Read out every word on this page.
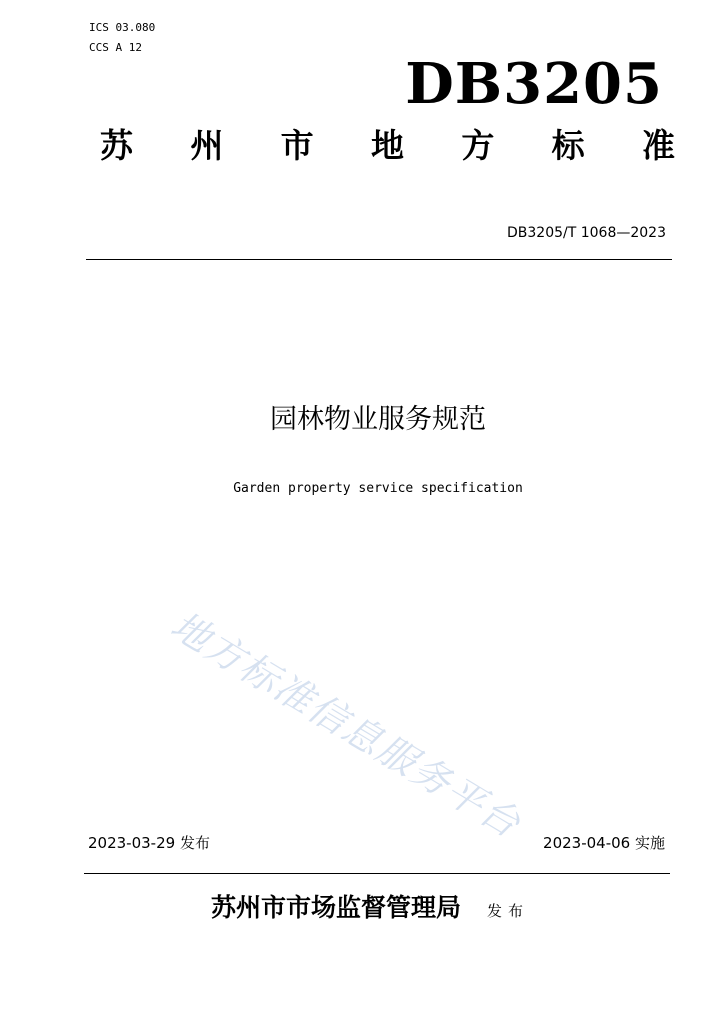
ICS 03.080
CCS A 12
DB3205
苏 州 市 地 方 标 准
DB3205/T 1068—2023
园林物业服务规范
Garden property service specification
地方标准信息服务平台
2023-03-29 发布	2023-04-06 实施
苏州市市场监督管理局 发布
